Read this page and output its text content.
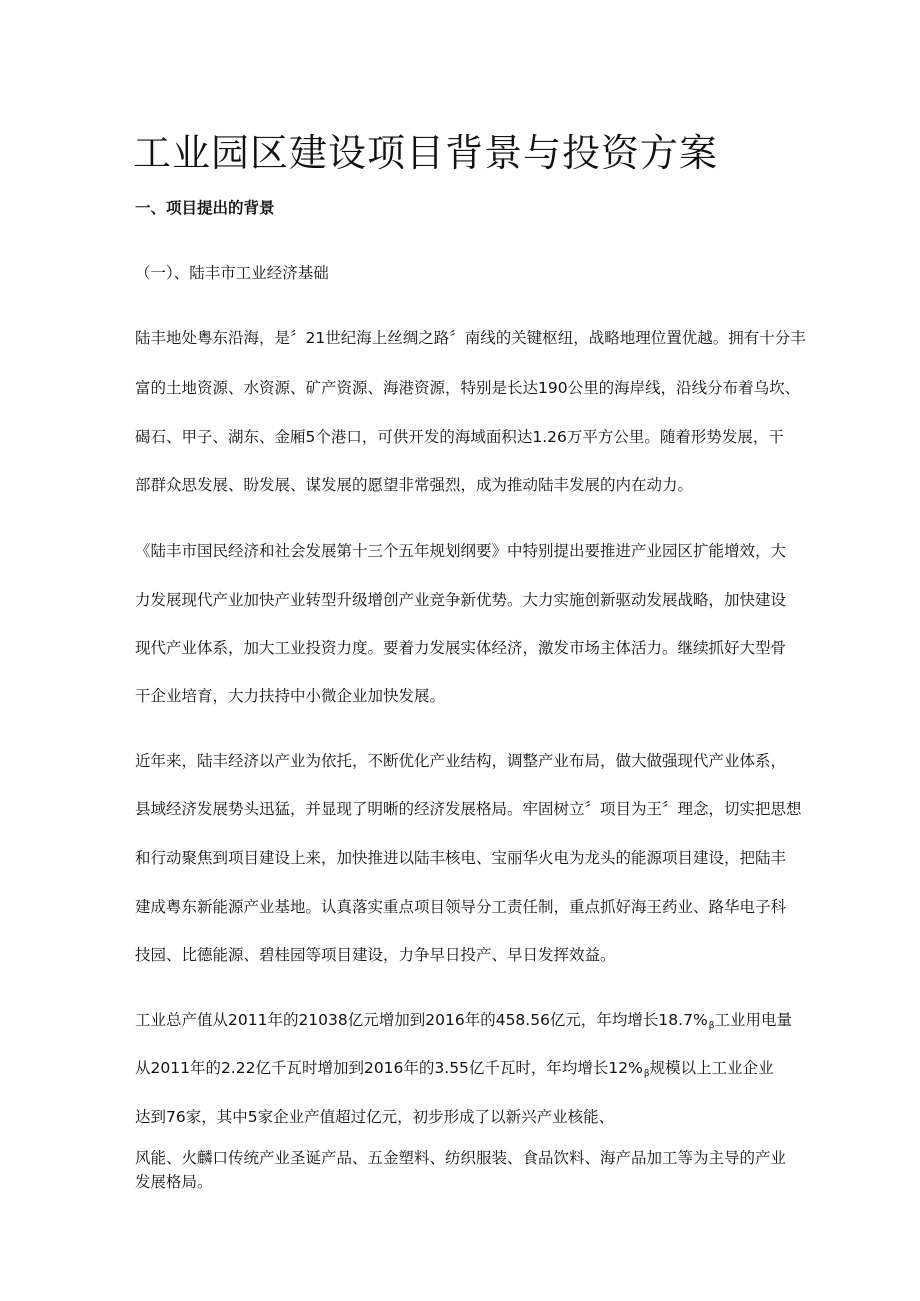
工业园区建设项目背景与投资方案
一、项目提出的背景
（一）、陆丰市工业经济基础

陆丰地处粤东沿海，是〞21世纪海上丝绸之路〞南线的关键枢纽，战略地理位置优越。拥有十分丰

富的土地资源、水资源、矿产资源、海港资源，特别是长达190公里的海岸线，沿线分布着乌坎、

碣石、甲子、湖东、金厢5个港口，可供开发的海域面积达1.26万平方公里。随着形势发展，干

部群众思发展、盼发展、谋发展的愿望非常强烈，成为推动陆丰发展的内在动力。

《陆丰市国民经济和社会发展第十三个五年规划纲要》中特别提出要推进产业园区扩能增效，大

力发展现代产业加快产业转型升级增创产业竞争新优势。大力实施创新驱动发展战略，加快建设

现代产业体系，加大工业投资力度。要着力发展实体经济，激发市场主体活力。继续抓好大型骨

干企业培育，大力扶持中小微企业加快发展。

近年来，陆丰经济以产业为依托，不断优化产业结构，调整产业布局，做大做强现代产业体系，

县域经济发展势头迅猛，并显现了明晰的经济发展格局。牢固树立〞项目为王〞理念，切实把思想

和行动聚焦到项目建设上来，加快推进以陆丰核电、宝丽华火电为龙头的能源项目建设，把陆丰

建成粤东新能源产业基地。认真落实重点项目领导分工责任制，重点抓好海王药业、路华电子科

技园、比德能源、碧桂园等项目建设，力争早日投产、早日发挥效益。

工业总产值从2011年的21038亿元增加到2016年的458.56亿元，年均增长$18.7\%_\beta$工业用电量

从2011年的2.22亿千瓦时增加到2016年的3.55亿千瓦时，年均增长$12\%_\beta$规模以上工业企业

达到76家，其中5家企业产值超过亿元，初步形成了以新兴产业核能、

风能、火麟口传统产业圣诞产品、五金塑料、纺织服装、食品饮料、海产品加工等为主导的产业

发展格局。
